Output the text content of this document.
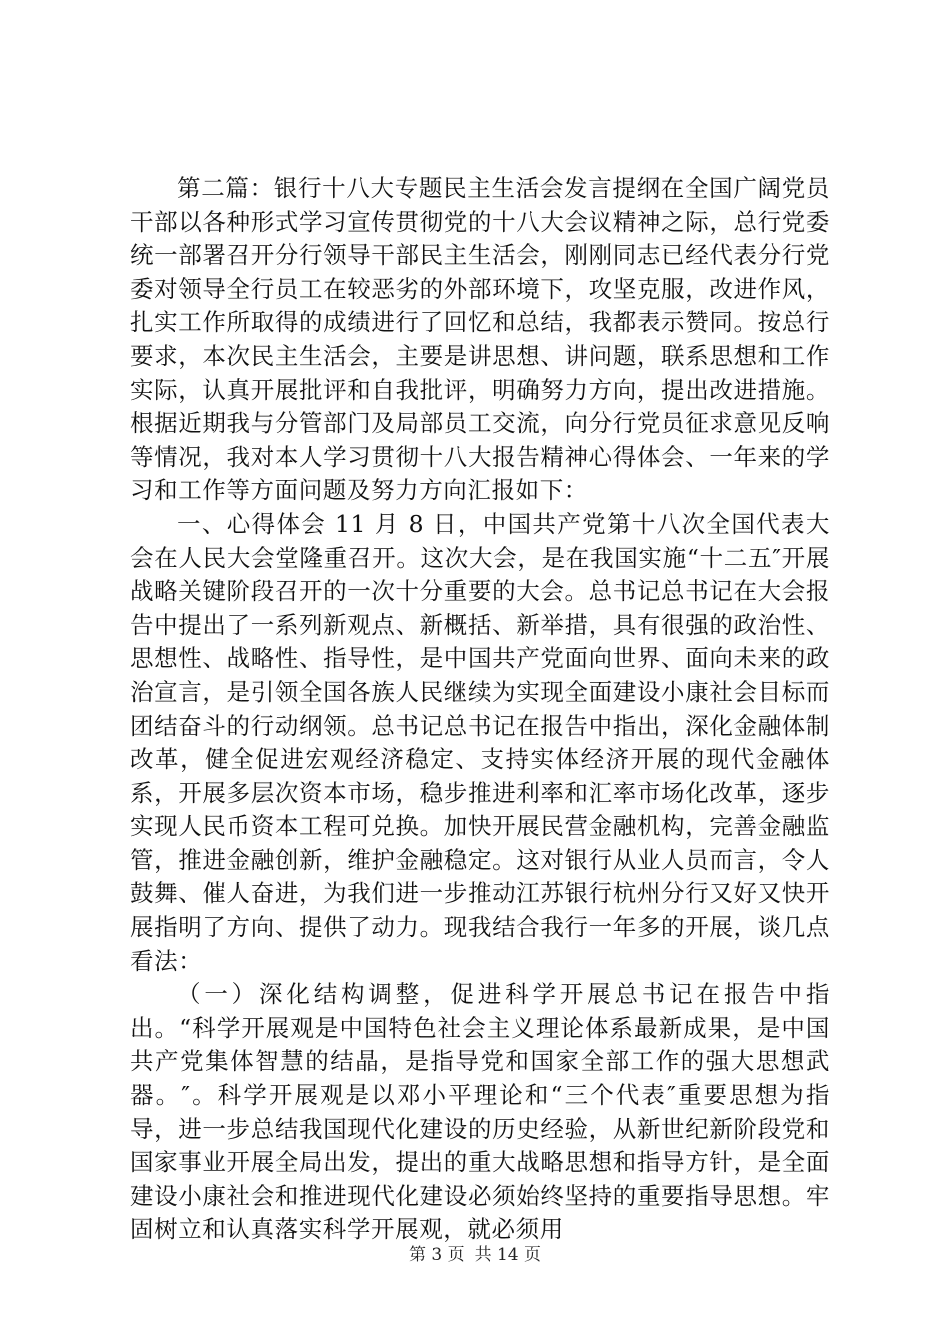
第二篇：银行十八大专题民主生活会发言提纲在全国广阔党员干部以各种形式学习宣传贯彻党的十八大会议精神之际，总行党委统一部署召开分行领导干部民主生活会，刚刚同志已经代表分行党委对领导全行员工在较恶劣的外部环境下，攻坚克服，改进作风，扎实工作所取得的成绩进行了回忆和总结，我都表示赞同。按总行要求，本次民主生活会，主要是讲思想、讲问题，联系思想和工作实际，认真开展批评和自我批评，明确努力方向，提出改进措施。根据近期我与分管部门及局部员工交流，向分行党员征求意见反响等情况，我对本人学习贯彻十八大报告精神心得体会、一年来的学习和工作等方面问题及努力方向汇报如下：

一、心得体会 11 月 8 日，中国共产党第十八次全国代表大会在人民大会堂隆重召开。这次大会，是在我国实施“十二五″开展战略关键阶段召开的一次十分重要的大会。总书记总书记在大会报告中提出了一系列新观点、新概括、新举措，具有很强的政治性、思想性、战略性、指导性，是中国共产党面向世界、面向未来的政治宣言，是引领全国各族人民继续为实现全面建设小康社会目标而团结奋斗的行动纲领。总书记总书记在报告中指出，深化金融体制改革，健全促进宏观经济稳定、支持实体经济开展的现代金融体系，开展多层次资本市场，稳步推进利率和汇率市场化改革，逐步实现人民币资本工程可兑换。加快开展民营金融机构，完善金融监管，推进金融创新，维护金融稳定。这对银行从业人员而言，令人鼓舞、催人奋进，为我们进一步推动江苏银行杭州分行又好又快开展指明了方向、提供了动力。现我结合我行一年多的开展，谈几点看法：

（一）深化结构调整，促进科学开展总书记在报告中指出。“科学开展观是中国特色社会主义理论体系最新成果，是中国共产党集体智慧的结晶，是指导党和国家全部工作的强大思想武器。″。科学开展观是以邓小平理论和“三个代表″重要思想为指导，进一步总结我国现代化建设的历史经验，从新世纪新阶段党和国家事业开展全局出发，提出的重大战略思想和指导方针，是全面建设小康社会和推进现代化建设必须始终坚持的重要指导思想。牢固树立和认真落实科学开展观，就必须用

第 3 页 共 14 页
